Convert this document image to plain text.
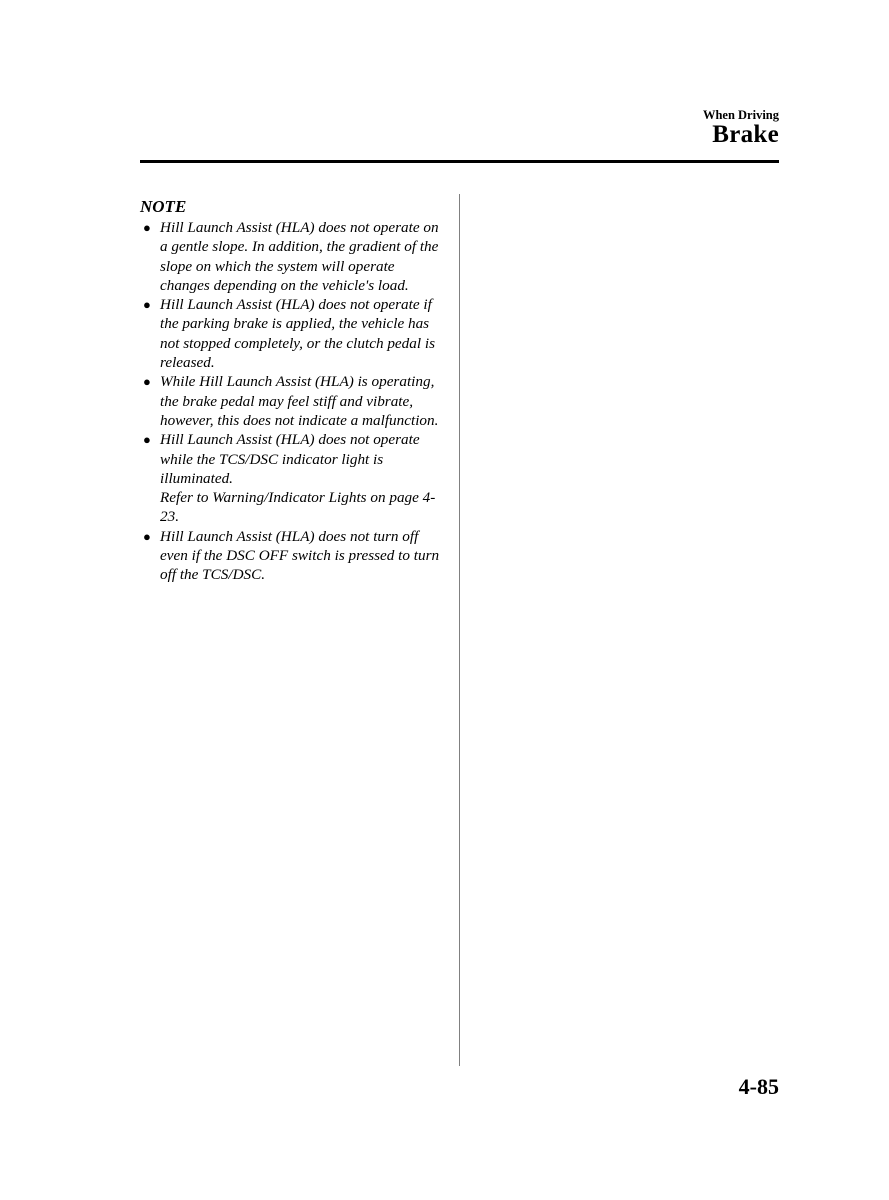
When Driving
Brake
NOTE
● Hill Launch Assist (HLA) does not operate on a gentle slope. In addition, the gradient of the slope on which the system will operate changes depending on the vehicle's load.
● Hill Launch Assist (HLA) does not operate if the parking brake is applied, the vehicle has not stopped completely, or the clutch pedal is released.
● While Hill Launch Assist (HLA) is operating, the brake pedal may feel stiff and vibrate, however, this does not indicate a malfunction.
● Hill Launch Assist (HLA) does not operate while the TCS/DSC indicator light is illuminated.
Refer to Warning/Indicator Lights on page 4-23.
● Hill Launch Assist (HLA) does not turn off even if the DSC OFF switch is pressed to turn off the TCS/DSC.
4-85
